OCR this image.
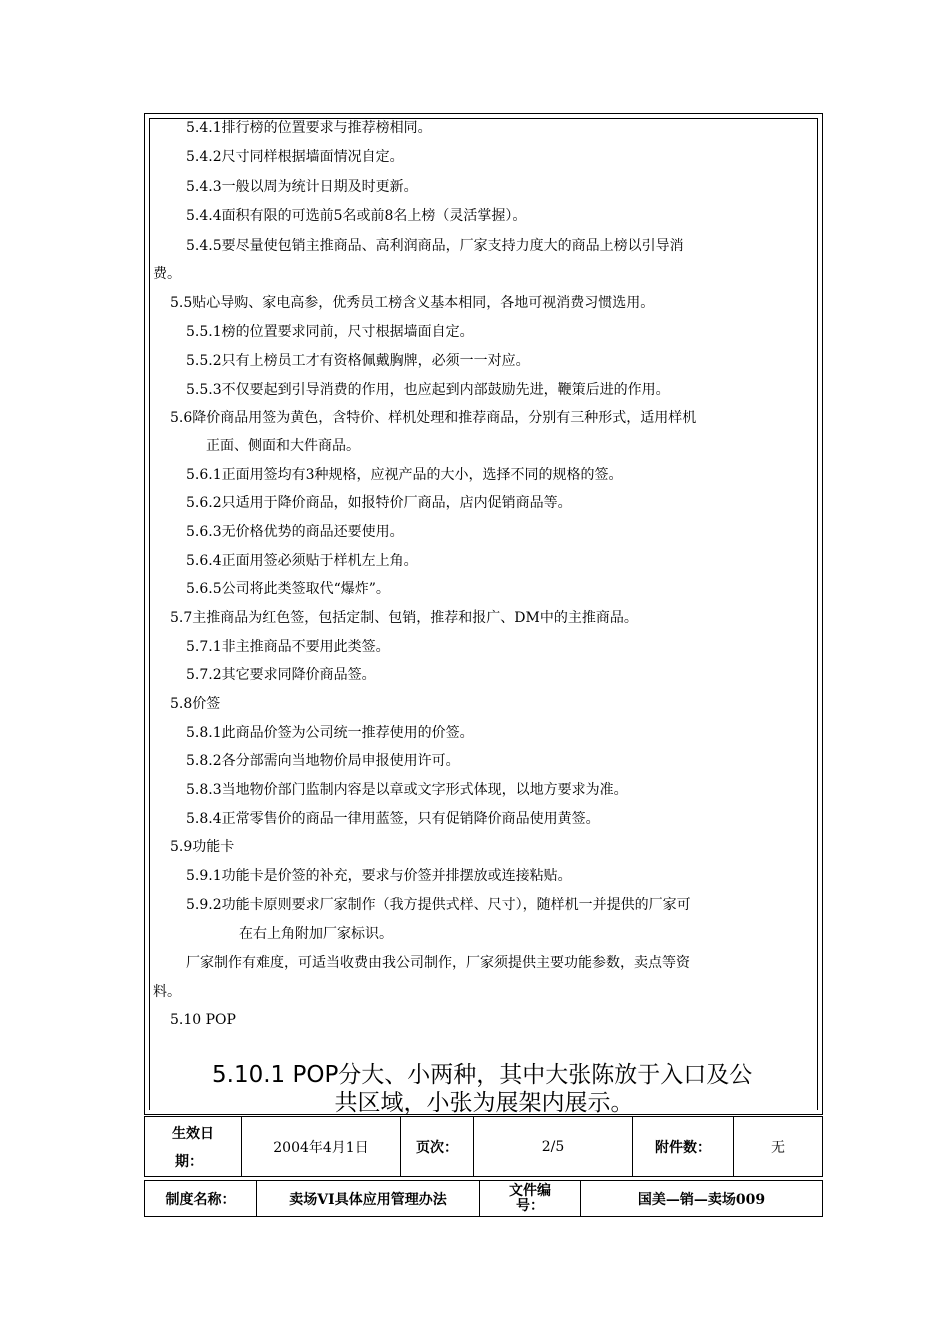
5.4.1排行榜的位置要求与推荐榜相同。
5.4.2尺寸同样根据墙面情况自定。
5.4.3一般以周为统计日期及时更新。
5.4.4面积有限的可选前5名或前8名上榜（灵活掌握）。
5.4.5要尽量使包销主推商品、高利润商品，厂家支持力度大的商品上榜以引导消
费。
5.5贴心导购、家电高参，优秀员工榜含义基本相同，各地可视消费习惯选用。
5.5.1榜的位置要求同前，尺寸根据墙面自定。
5.5.2只有上榜员工才有资格佩戴胸牌，必须一一对应。
5.5.3不仅要起到引导消费的作用，也应起到内部鼓励先进，鞭策后进的作用。
5.6降价商品用签为黄色，含特价、样机处理和推荐商品，分别有三种形式，适用样机
正面、侧面和大件商品。
5.6.1正面用签均有3种规格，应视产品的大小，选择不同的规格的签。
5.6.2只适用于降价商品，如报特价厂商品，店内促销商品等。
5.6.3无价格优势的商品还要使用。
5.6.4正面用签必须贴于样机左上角。
5.6.5公司将此类签取代“爆炸”。
5.7主推商品为红色签，包括定制、包销，推荐和报广、DM中的主推商品。
5.7.1非主推商品不要用此类签。
5.7.2其它要求同降价商品签。
5.8价签
5.8.1此商品价签为公司统一推荐使用的价签。
5.8.2各分部需向当地物价局申报使用许可。
5.8.3当地物价部门监制内容是以章或文字形式体现，以地方要求为准。
5.8.4正常零售价的商品一律用蓝签，只有促销降价商品使用黄签。
5.9功能卡
5.9.1功能卡是价签的补充，要求与价签并排摆放或连接粘贴。
5.9.2功能卡原则要求厂家制作（我方提供式样、尺寸），随样机一并提供的厂家可
在右上角附加厂家标识。
厂家制作有难度，可适当收费由我公司制作，厂家须提供主要功能参数，卖点等资
料。
5.10 POP
5.10.1 POP分大、小两种，其中大张陈放于入口及公
共区域，小张为展架内展示。
生效日
期：
	2004年4月1日	页次：	2/5	附件数：	无
制度名称：	卖场VI具体应用管理办法	
文件编
号：	国美—销—卖场009
